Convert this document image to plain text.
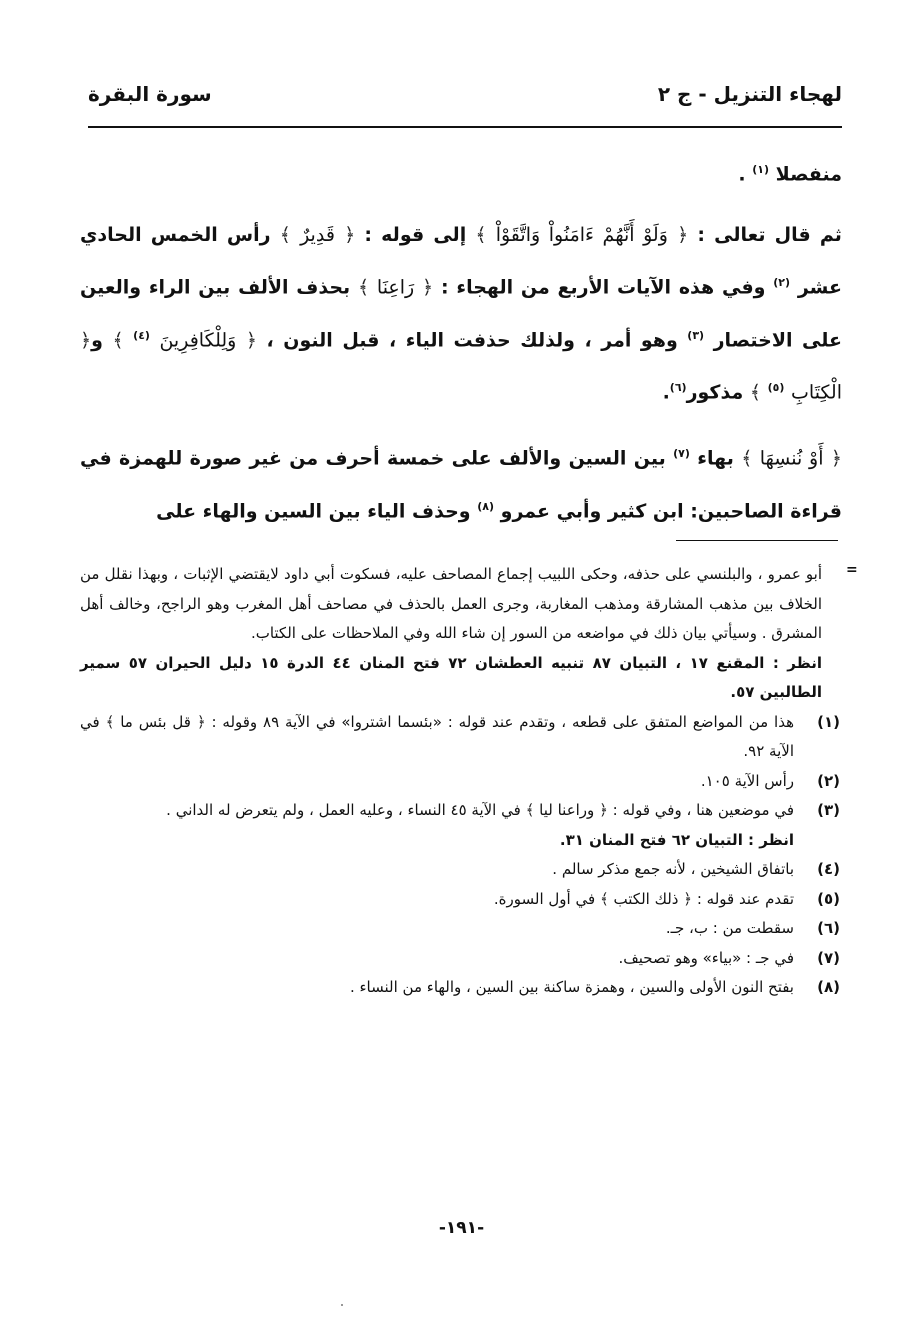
لهجاء التنزيل - ج ٢
سورة البقرة

منفصلا $^{(١)}$ .

ثم قال تعالى : ﴿ وَلَوْ أَنَّهُمْ ءَامَنُواْ وَاتَّقَوْاْ ﴾ إلى قوله : ﴿ قَدِيرٌ ﴾ رأس الخمس الحادي عشر $^{(٢)}$ وفي هذه الآيات الأربع من الهجاء : ﴿ رَاعِنَا ﴾ بحذف الألف بين الراء والعين على الاختصار $^{(٣)}$ وهو أمر ، ولذلك حذفت الياء ، قبل النون ، ﴿ وَلِلْكَافِرِينَ $^{(٤)}$ ﴾ و﴿ الْكِتَابِ $^{(٥)}$ ﴾ مذكور$^{(٦)}$.

﴿ أَوْ نُنسِهَا ﴾ بهاء $^{(٧)}$ بين السين والألف على خمسة أحرف من غير صورة للهمزة في قراءة الصاحبين: ابن كثير وأبي عمرو $^{(٨)}$ وحذف الياء بين السين والهاء على

=
أبو عمرو ، والبلنسي على حذفه، وحكى اللبيب إجماع المصاحف عليه، فسكوت أبي داود لايقتضي الإثبات ، وبهذا نقلل من الخلاف بين مذهب المشارقة ومذهب المغاربة، وجرى العمل بالحذف في مصاحف أهل المغرب وهو الراجح، وخالف أهل المشرق . وسيأتي بيان ذلك في مواضعه من السور إن شاء الله وفي الملاحظات على الكتاب.
انظر : المقنع ١٧ ، التبيان ٨٧ تنبيه العطشان ٧٢ فتح المنان ٤٤ الدرة ١٥ دليل الحيران ٥٧ سمير الطالبين ٥٧.
(١)
هذا من المواضع المتفق على قطعه ، وتقدم عند قوله : «بئسما اشتروا» في الآية ٨٩ وقوله : ﴿ قل بئس ما ﴾ في الآية ٩٢.
(٢)
رأس الآية ١٠٥.
(٣)
في موضعين هنا ، وفي قوله : ﴿ وراعنا ليا ﴾ في الآية ٤٥ النساء ، وعليه العمل ، ولم يتعرض له الداني .
انظر : التبيان ٦٢ فتح المنان ٣١.
(٤)
باتفاق الشيخين ، لأنه جمع مذكر سالم .
(٥)
تقدم عند قوله : ﴿ ذلك الكتب ﴾ في أول السورة.
(٦)
سقطت من : ب، جـ.
(٧)
في جـ : «بياء» وهو تصحيف.
(٨)
بفتح النون الأولى والسين ، وهمزة ساكنة بين السين ، والهاء من النساء .
-١٩١-
